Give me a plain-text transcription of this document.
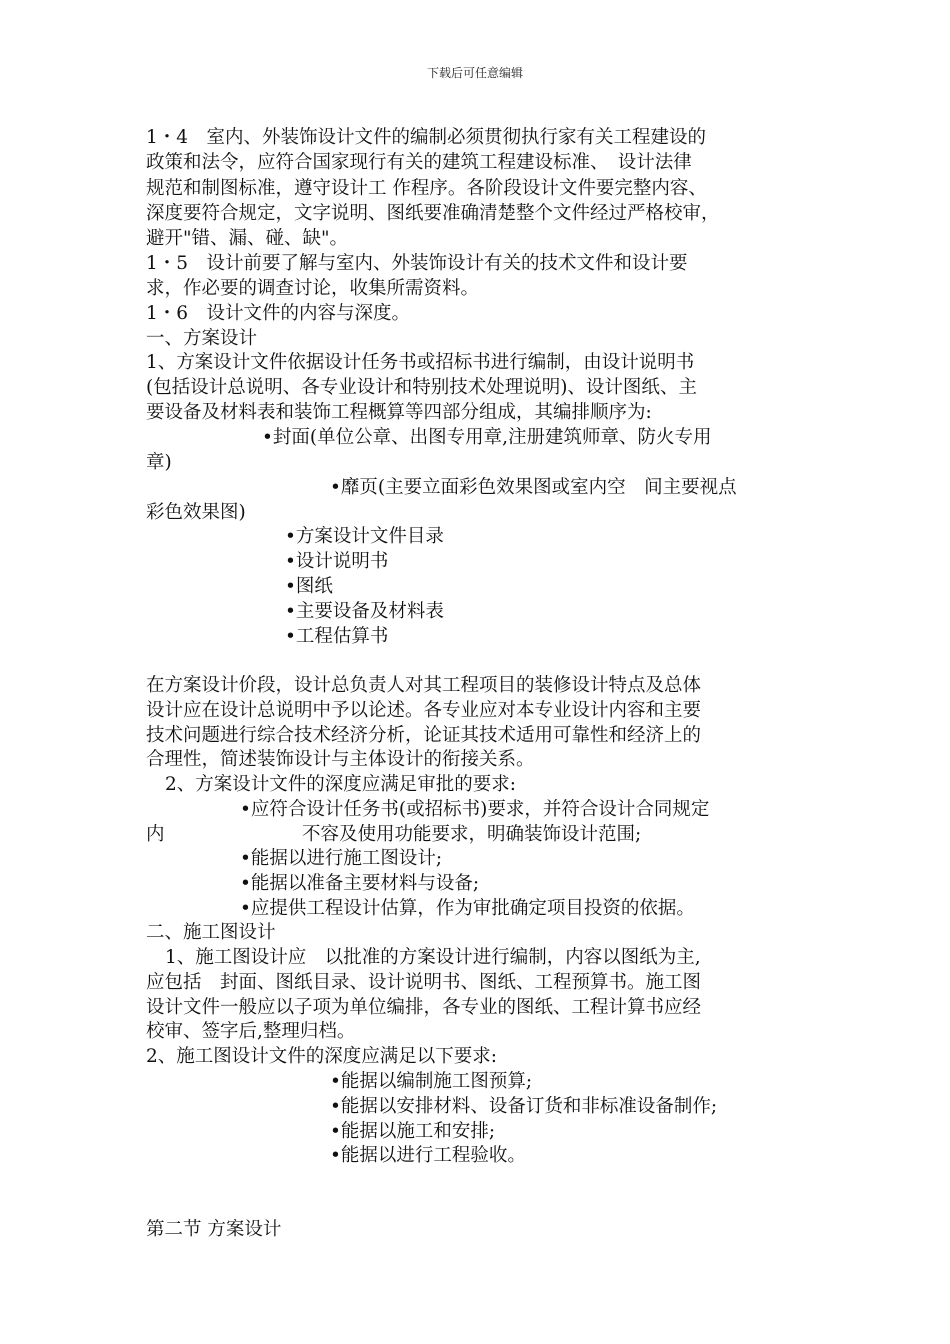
下载后可任意编辑
1・4　室内、外装饰设计文件的编制必须贯彻执行家有关工程建设的
政策和法令，应符合国家现行有关的建筑工程建设标准、　设计法律
规范和制图标准，遵守设计工 作程序。各阶段设计文件要完整内容、
深度要符合规定，文字说明、图纸要准确清楚整个文件经过严格校审，
避开"错、漏、碰、缺"。
1・5　设计前要了解与室内、外装饰设计有关的技术文件和设计要
求，作必要的调查讨论，收集所需资料。
1・6　设计文件的内容与深度。
一、方案设计
1、方案设计文件依据设计任务书或招标书进行编制，由设计说明书
(包括设计总说明、各专业设计和特别技术处理说明)、设计图纸、主
要设备及材料表和装饰工程概算等四部分组成，其编排顺序为:
•封面(单位公章、出图专用章,注册建筑师章、防火专用
章)
•靡页(主要立面彩色效果图或室内空　间主要视点
彩色效果图)
•方案设计文件目录
•设计说明书
•图纸
•主要设备及材料表
•工程估算书
在方案设计价段，设计总负责人对其工程项目的装修设计特点及总体
设计应在设计总说明中予以论述。各专业应对本专业设计内容和主要
技术问题进行综合技术经济分析，论证其技术适用可靠性和经济上的
合理性，简述装饰设计与主体设计的衔接关系。
2、方案设计文件的深度应满足审批的要求:
•应符合设计任务书(或招标书)要求，并符合设计合同规定
内	不容及使用功能要求，明确装饰设计范围;
•能据以进行施工图设计;
•能据以准备主要材料与设备;
•应提供工程设计估算，作为审批确定项目投资的依据。
二、施工图设计
1、施工图设计应　以批准的方案设计进行编制，内容以图纸为主,
应包括　封面、图纸目录、设计说明书、图纸、工程预算书。施工图
设计文件一般应以子项为单位编排，各专业的图纸、工程计算书应经
校审、签字后,整理归档。
2、施工图设计文件的深度应满足以下要求:
•能据以编制施工图预算;
•能据以安排材料、设备订货和非标准设备制作;
•能据以施工和安排;
•能据以进行工程验收。
第二节 方案设计
